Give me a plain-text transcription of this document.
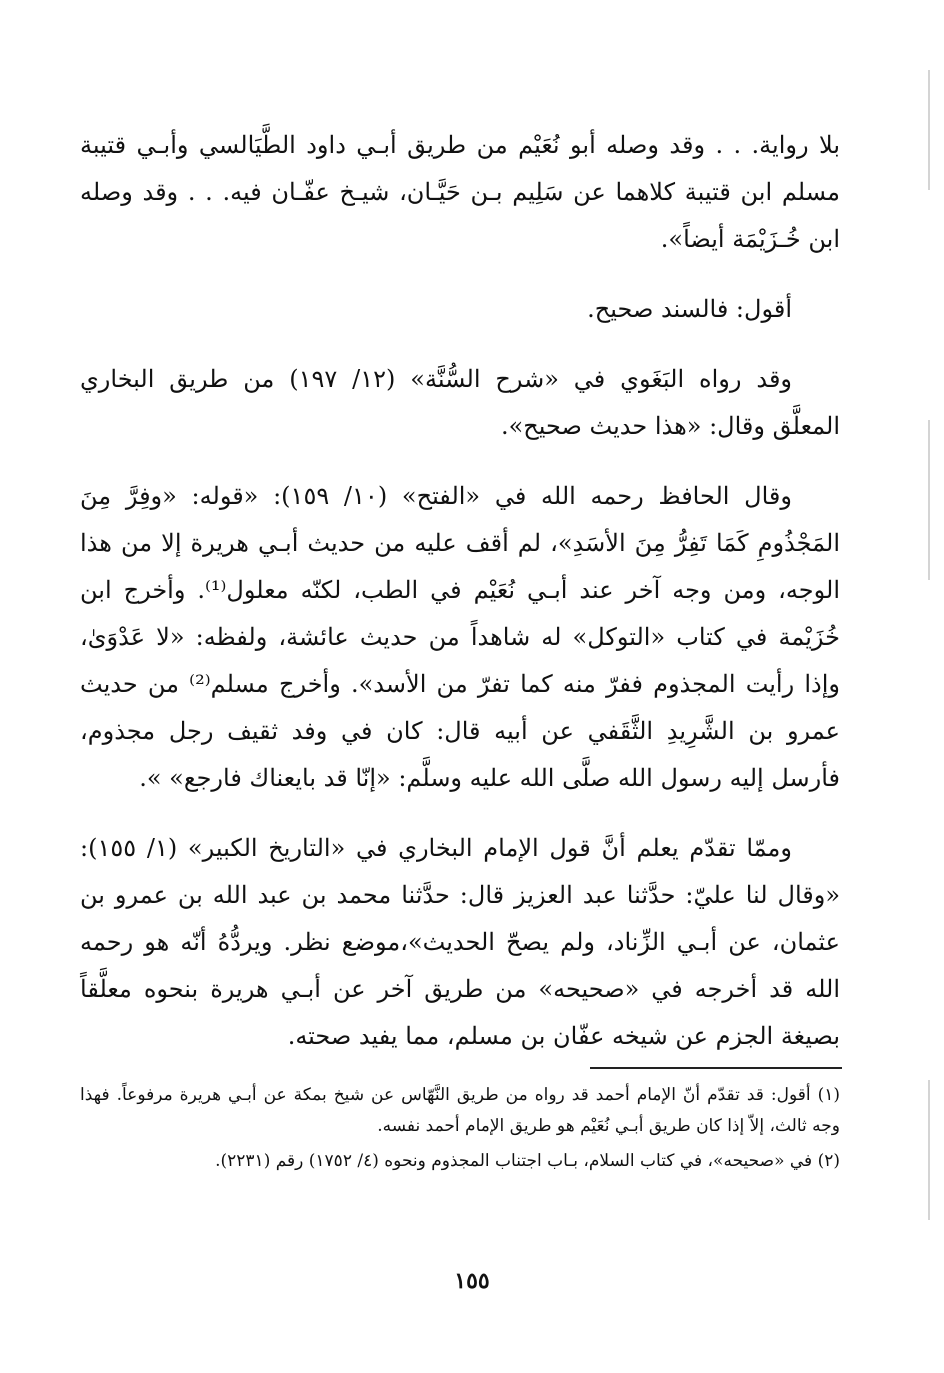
بلا رواية. . . وقد وصله أبو نُعَيْم من طريق أبـي داود الطَّيَالسي وأبـي قتيبة مسلم ابن قتيبة كلاهما عن سَلِيم بـن حَيَّـان، شيـخ عفّـان فيه. . . وقد وصله ابن خُـزَيْمَة أيضاً».

أقول: فالسند صحيح.

وقد رواه البَغَوي في «شرح السُّنَّة» (١٢/ ١٩٧) من طريق البخاري المعلَّق وقال: «هذا حديث صحيح».

وقال الحافظ رحمه الله في «الفتح» (١٠/ ١٥٩): «قوله: «وفِرَّ مِنَ المَجْذُومِ كَمَا تَفِرُّ مِنَ الأسَدِ»، لم أقف عليه من حديث أبـي هريرة إلا من هذا الوجه، ومن وجه آخر عند أبـي نُعَيْم في الطب، لكنّه معلول⁽¹⁾. وأخرج ابن خُزَيْمة في كتاب «التوكل» له شاهداً من حديث عائشة، ولفظه: «لا عَدْوَىٰ، وإذا رأيت المجذوم ففرّ منه كما تفرّ من الأسد». وأخرج مسلم⁽²⁾ من حديث عمرو بن الشَّرِيدِ الثَّقَفي عن أبيه قال: كان في وفد ثقيف رجل مجذوم، فأرسل إليه رسول الله صلَّى الله عليه وسلَّم: «إنّا قد بايعناك فارجع» ».

وممّا تقدّم يعلم أنَّ قول الإمام البخاري في «التاريخ الكبير» (١/ ١٥٥): «وقال لنا عليّ: حدَّثنا عبد العزيز قال: حدَّثنا محمد بن عبد الله بن عمرو بن عثمان، عن أبـي الزِّناد، ولم يصحّ الحديث»،موضع نظر. ويردُّهُ أنّه هو رحمه الله قد أخرجه في «صحيحه» من طريق آخر عن أبـي هريرة بنحوه معلَّقاً بصيغة الجزم عن شيخه عفّان بن مسلم، مما يفيد صحته.

(١) أقول: قد تقدّم أنّ الإمام أحمد قد رواه من طريق النَّهّاس عن شيخ بمكة عن أبـي هريرة مرفوعاً. فهذا وجه ثالث، إلاّ إذا كان طريق أبـي نُعَيْم هو طريق الإمام أحمد نفسه.

(٢) في «صحيحه»، في كتاب السلام، بـاب اجتناب المجذوم ونحوه (٤/ ١٧٥٢) رقم (٢٢٣١).

١٥٥
